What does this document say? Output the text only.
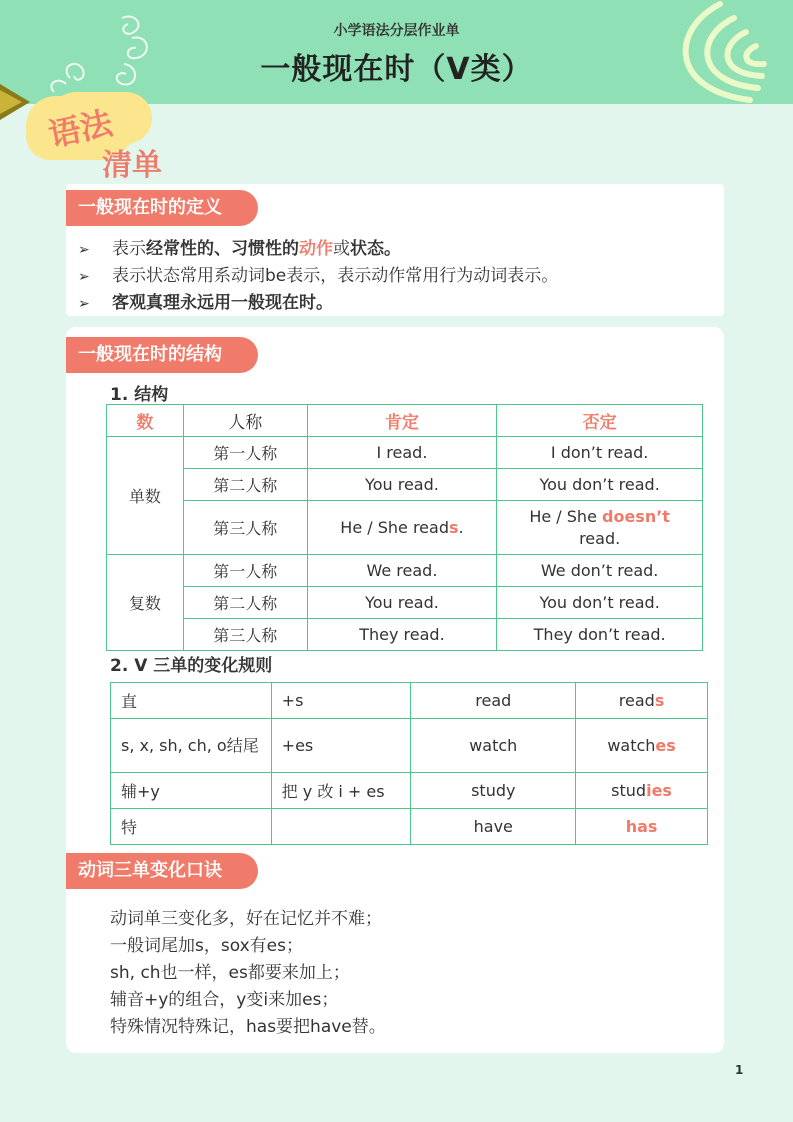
小学语法分层作业单
一般现在时（V类）
语法
清单
一般现在时的定义
➢ 表示经常性的、习惯性的动作或状态。
➢ 表示状态常用系动词be表示，表示动作常用行为动词表示。
➢ 客观真理永远用一般现在时。
一般现在时的结构
1. 结构
数	人称	肯定	否定
单数	第一人称	I read.	I don’t read.
	第二人称	You read.	You don’t read.
	第三人称	He / She reads.	He / She doesn’t
read.
复数	第一人称	We read.	We don’t read.
	第二人称	You read.	You don’t read.
	第三人称	They read.	They don’t read.
2. V 三单的变化规则
直	+s	read	reads
s, x, sh, ch, o结尾	+es	watch	watches
辅+y	把 y 改 i + es	study	studies
特		have	has
动词三单变化口诀
动词单三变化多，好在记忆并不难；
一般词尾加s，sox有es；
sh, ch也一样，es都要来加上；
辅音+y的组合，y变i来加es；
特殊情况特殊记，has要把have替。
1
